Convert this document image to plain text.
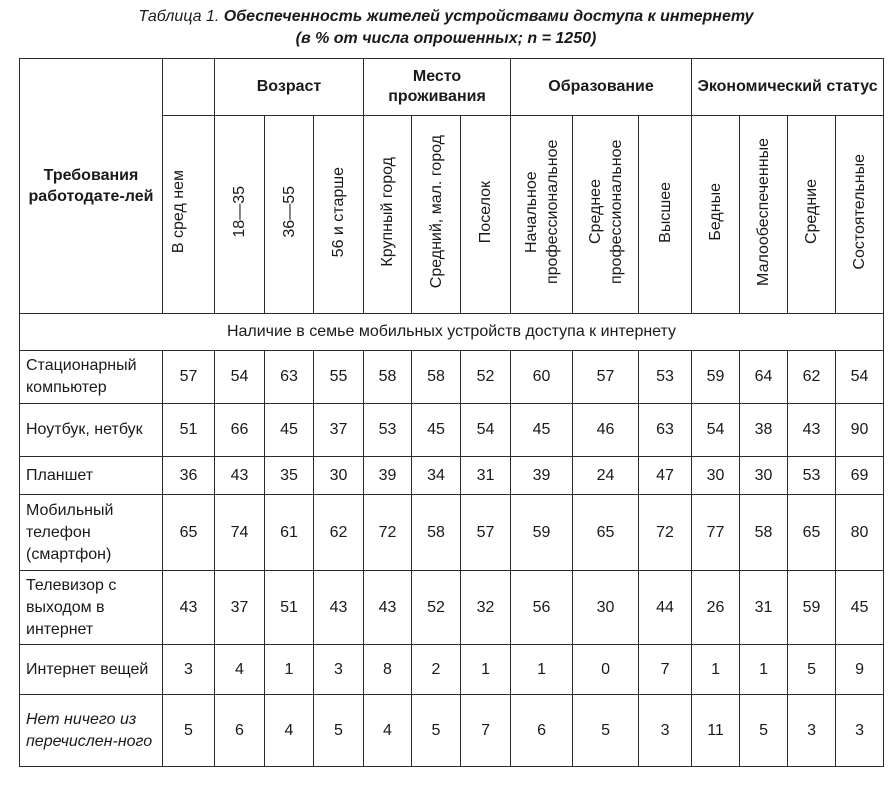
Таблица 1. Обеспеченность жителей устройствами доступа к интернету
(в % от числа опрошенных; n = 1250)
Требования работодате-лей		Возраст			Место проживания			Образование			Экономический статус			
	В сред нем	18—35	36—55	56 и старше	Крупный город	Средний, мал. город	Поселок	Начальное профессиональное	Среднее профессиональное	Высшее	Бедные	Малообеспеченные	Средние	Состоятельные
Наличие в семье мобильных устройств доступа к интернету														
Стационарный компьютер	57	54	63	55	58	58	52	60	57	53	59	64	62	54
Ноутбук, нетбук	51	66	45	37	53	45	54	45	46	63	54	38	43	90
Планшет	36	43	35	30	39	34	31	39	24	47	30	30	53	69
Мобильный телефон (смартфон)	65	74	61	62	72	58	57	59	65	72	77	58	65	80
Телевизор с выходом в интернет	43	37	51	43	43	52	32	56	30	44	26	31	59	45
Интернет вещей	3	4	1	3	8	2	1	1	0	7	1	1	5	9
Нет ничего из перечислен-ного	5	6	4	5	4	5	7	6	5	3	11	5	3	3
